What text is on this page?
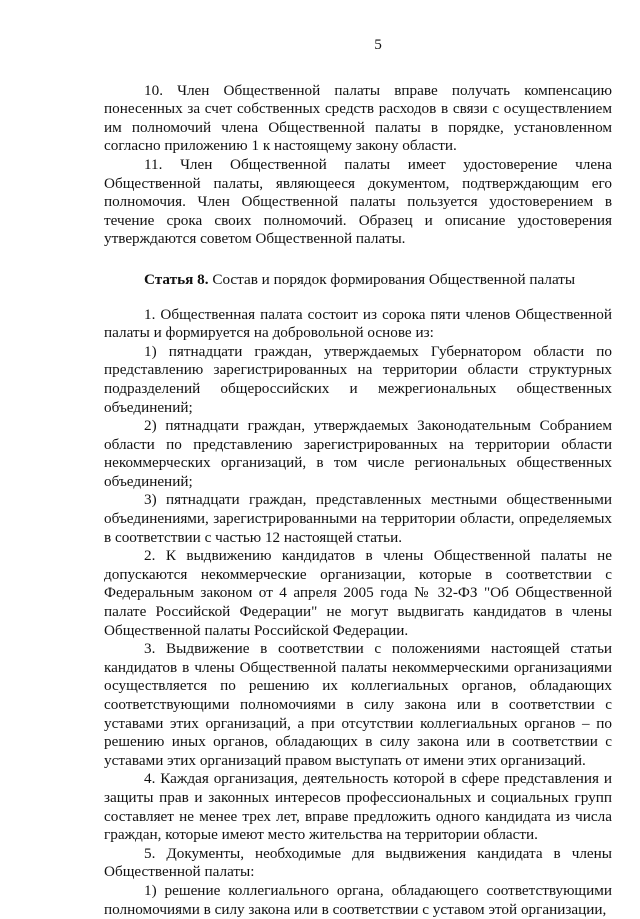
5

10. Член Общественной палаты вправе получать компенсацию понесенных за счет собственных средств расходов в связи с осуществлением им полномочий члена Общественной палаты в порядке, установленном согласно приложению 1 к настоящему закону области.

11. Член Общественной палаты имеет удостоверение члена Общественной палаты, являющееся документом, подтверждающим его полномочия. Член Общественной палаты пользуется удостоверением в течение срока своих полномочий. Образец и описание удостоверения утверждаются советом Общественной палаты.

Статья 8. Состав и порядок формирования Общественной палаты

1. Общественная палата состоит из сорока пяти членов Общественной палаты и формируется на добровольной основе из:

1) пятнадцати граждан, утверждаемых Губернатором области по представлению зарегистрированных на территории области структурных подразделений общероссийских и межрегиональных общественных объединений;

2) пятнадцати граждан, утверждаемых Законодательным Собранием области по представлению зарегистрированных на территории области некоммерческих организаций, в том числе региональных общественных объединений;

3) пятнадцати граждан, представленных местными общественными объединениями, зарегистрированными на территории области, определяемых в соответствии с частью 12 настоящей статьи.

2. К выдвижению кандидатов в члены Общественной палаты не допускаются некоммерческие организации, которые в соответствии с Федеральным законом от 4 апреля 2005 года № 32-ФЗ "Об Общественной палате Российской Федерации" не могут выдвигать кандидатов в члены Общественной палаты Российской Федерации.

3. Выдвижение в соответствии с положениями настоящей статьи кандидатов в члены Общественной палаты некоммерческими организациями осуществляется по решению их коллегиальных органов, обладающих соответствующими полномочиями в силу закона или в соответствии с уставами этих организаций, а при отсутствии коллегиальных органов – по решению иных органов, обладающих в силу закона или в соответствии с уставами этих организаций правом выступать от имени этих организаций.

4. Каждая организация, деятельность которой в сфере представления и защиты прав и законных интересов профессиональных и социальных групп составляет не менее трех лет, вправе предложить одного кандидата из числа граждан, которые имеют место жительства на территории области.

5. Документы, необходимые для выдвижения кандидата в члены Общественной палаты:

1) решение коллегиального органа, обладающего соответствующими полномочиями в силу закона или в соответствии с уставом этой организации,
